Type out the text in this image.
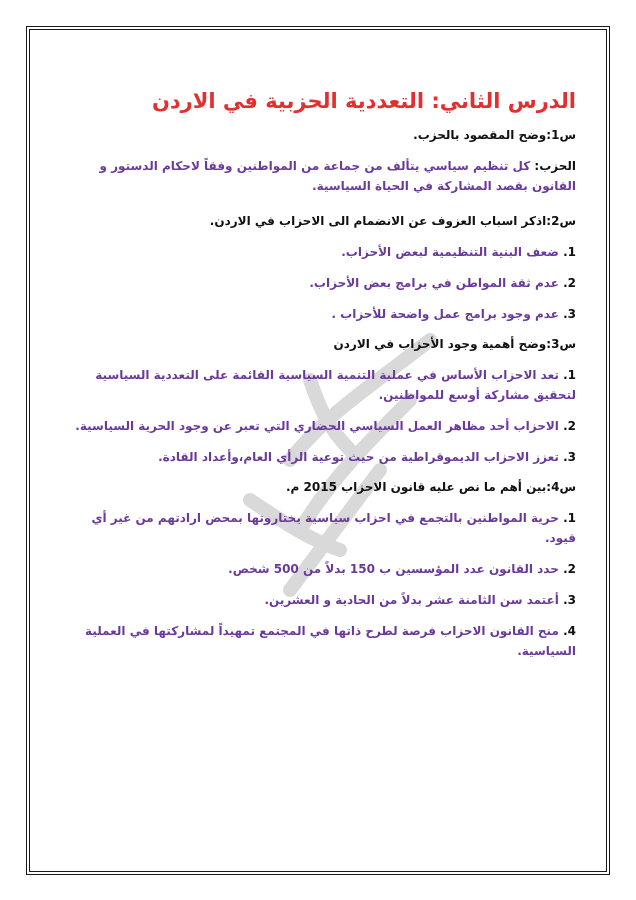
الدرس الثاني: التعددية الحزبية في الاردن

س1:وضح المقصود بالحزب.

الحزب: كل تنظيم سياسي يتألف من جماعة من المواطنين وفقاً لاحكام الدستور و القانون بقصد المشاركة في الحياة السياسية.

س2:اذكر اسباب العزوف عن الانضمام الى الاحزاب في الاردن.

1. ضعف البنية التنظيمية لبعض الأحزاب.

2. عدم ثقة المواطن في برامج بعض الأحزاب.

3. عدم وجود برامج عمل واضحة للأحزاب .

س3:وضح أهمية وجود الأحزاب في الاردن

1. تعد الاحزاب الأساس في عملية التنمية السياسية القائمة على التعددية السياسية لتحقيق مشاركة أوسع للمواطنين.

2. الاحزاب أحد مظاهر العمل السياسي الحضاري التي تعبر عن وجود الحرية السياسية.

3. تعزز الاحزاب الديموقراطية من حيث توعية الرأي العام،وأعداد القادة.

س4:بين أهم ما نص عليه قانون الاحزاب 2015 م.

1. حرية المواطنين بالتجمع في احزاب سياسية يختاروتها بمحض ارادتهم من غير أي قيود.

2. حدد القانون عدد المؤسسين ب 150 بدلاً من 500 شخص.

3. أعتمد سن الثامنة عشر بدلاً من الحادية و العشرين.

4. منح القانون الاحزاب فرصة لطرح ذاتها في المجتمع تمهيداً لمشاركتها في العملية السياسية.
